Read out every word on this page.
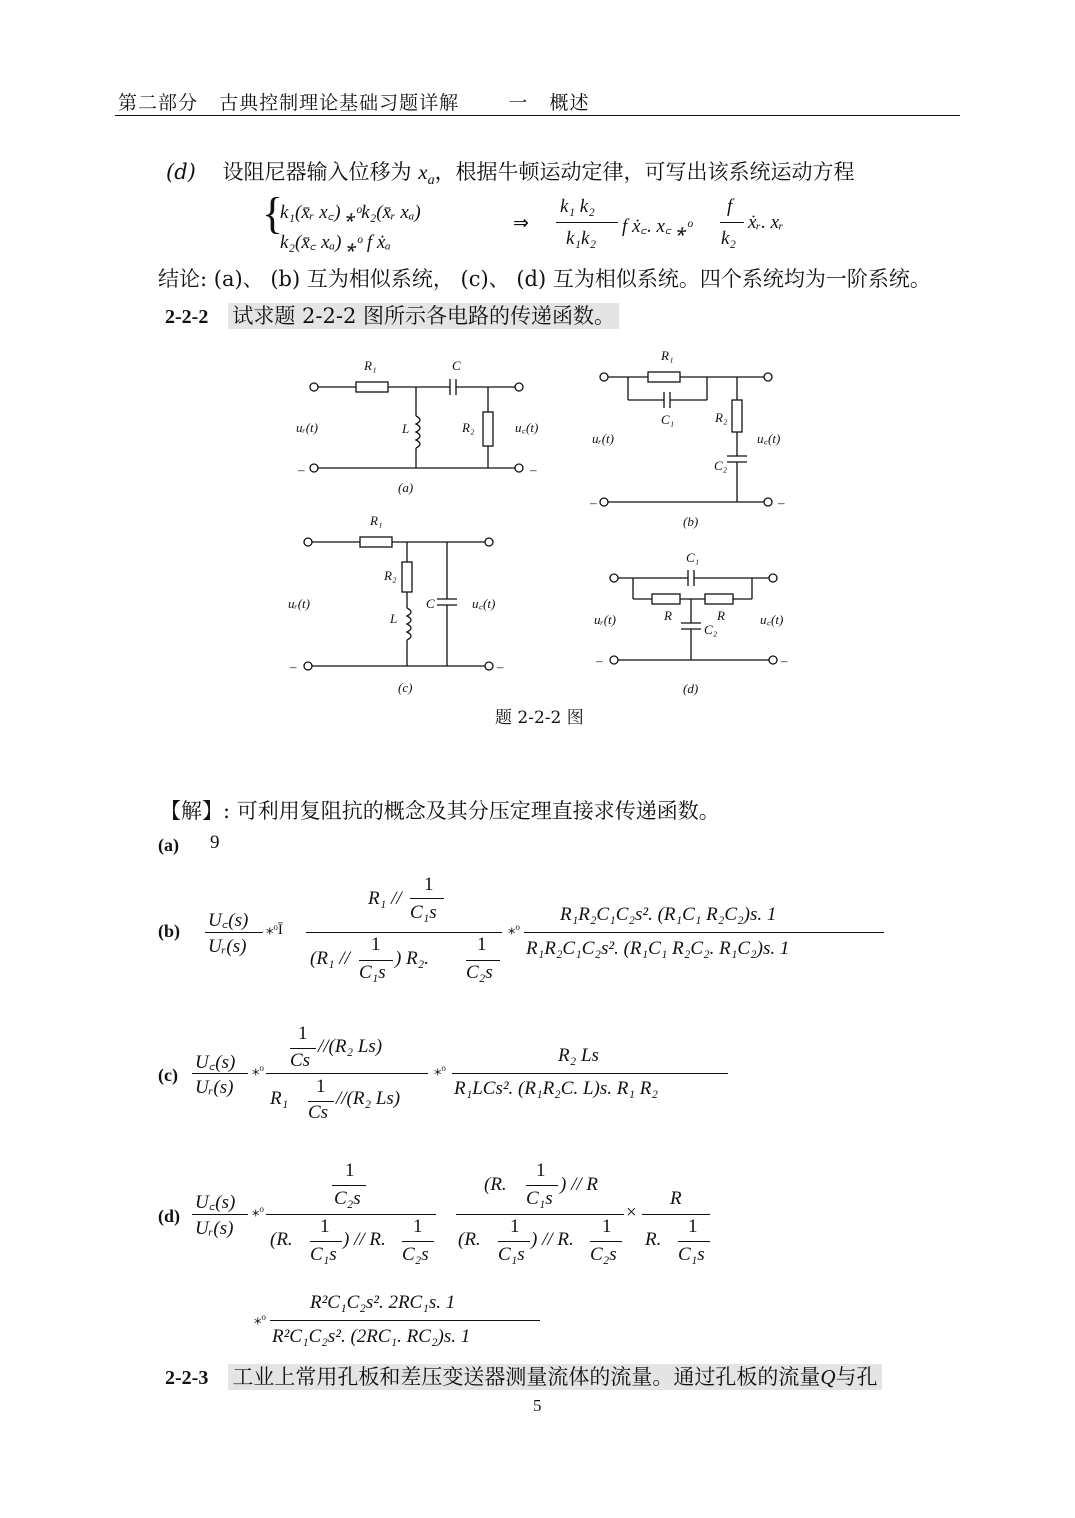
第二部分   古典控制理论基础习题详解       一   概述
(d) 设阻尼器输入位移为 $x_a$，根据牛顿运动定律，可写出该系统运动方程
{
k₁(x̄ᵣ x꜀) ⁎ᵒk₂(x̄ᵣ xₐ)
k₂(x̄꜀ xₐ) ⁎ᵒ f ẋₐ
⇒
k₁ k₂
k₁k₂
f ẋ꜀. x꜀ ⁎ᵒ
f
k₂
ẋᵣ. xᵣ
结论: (a)、 (b) 互为相似系统， (c)、 (d) 互为相似系统。四个系统均为一阶系统。
2-2-2 试求题 2-2-2 图所示各电路的传递函数。
R₁	C
L	R₂
uᵣ(t)	u꜀(t)
–	–
(a)
R₁
C₁	R₂
C₂
uᵣ(t)	u꜀(t)
–	–
(b)
R₁
R₂
L
C
uᵣ(t)	u꜀(t)
–	–
(c)
C₁
R	R
C₂
uᵣ(t)	u꜀(t)
–	–
(d)
题 2-2-2 图
【解】: 可利用复阻抗的概念及其分压定理直接求传递函数。
(a) 9
(b) U꜀(s)
Uᵣ(s)
⁎ᵒĪ
R₁ //
1
C₁s
(R₁ //
1
C₁s
) R₂.
1
C₂s
⁎ᵒ
R₁R₂C₁C₂s². (R₁C₁ R₂C₂)s. 1
R₁R₂C₁C₂s². (R₁C₁ R₂C₂. R₁C₂)s. 1
(c)
U꜀(s)
Uᵣ(s)
⁎ᵒ
1
Cs
//(R₂ Ls)
R₁
1
Cs
//(R₂ Ls)
⁎ᵒ
R₂ Ls
R₁LCs². (R₁R₂C. L)s. R₁ R₂
(d)
U꜀(s)
Uᵣ(s)
⁎ᵒ
1
C₂s
(R.
1
C₁s
) // R.
1
C₂s
(R.
1
C₁s
) // R
(R.
1
C₁s
) // R.
1
C₂s
×
R
R.
1
C₁s
⁎ᵒ
R²C₁C₂s². 2RC₁s. 1
R²C₁C₂s². (2RC₁. RC₂)s. 1
2-2-3 工业上常用孔板和差压变送器测量流体的流量。通过孔板的流量Q与孔
5
